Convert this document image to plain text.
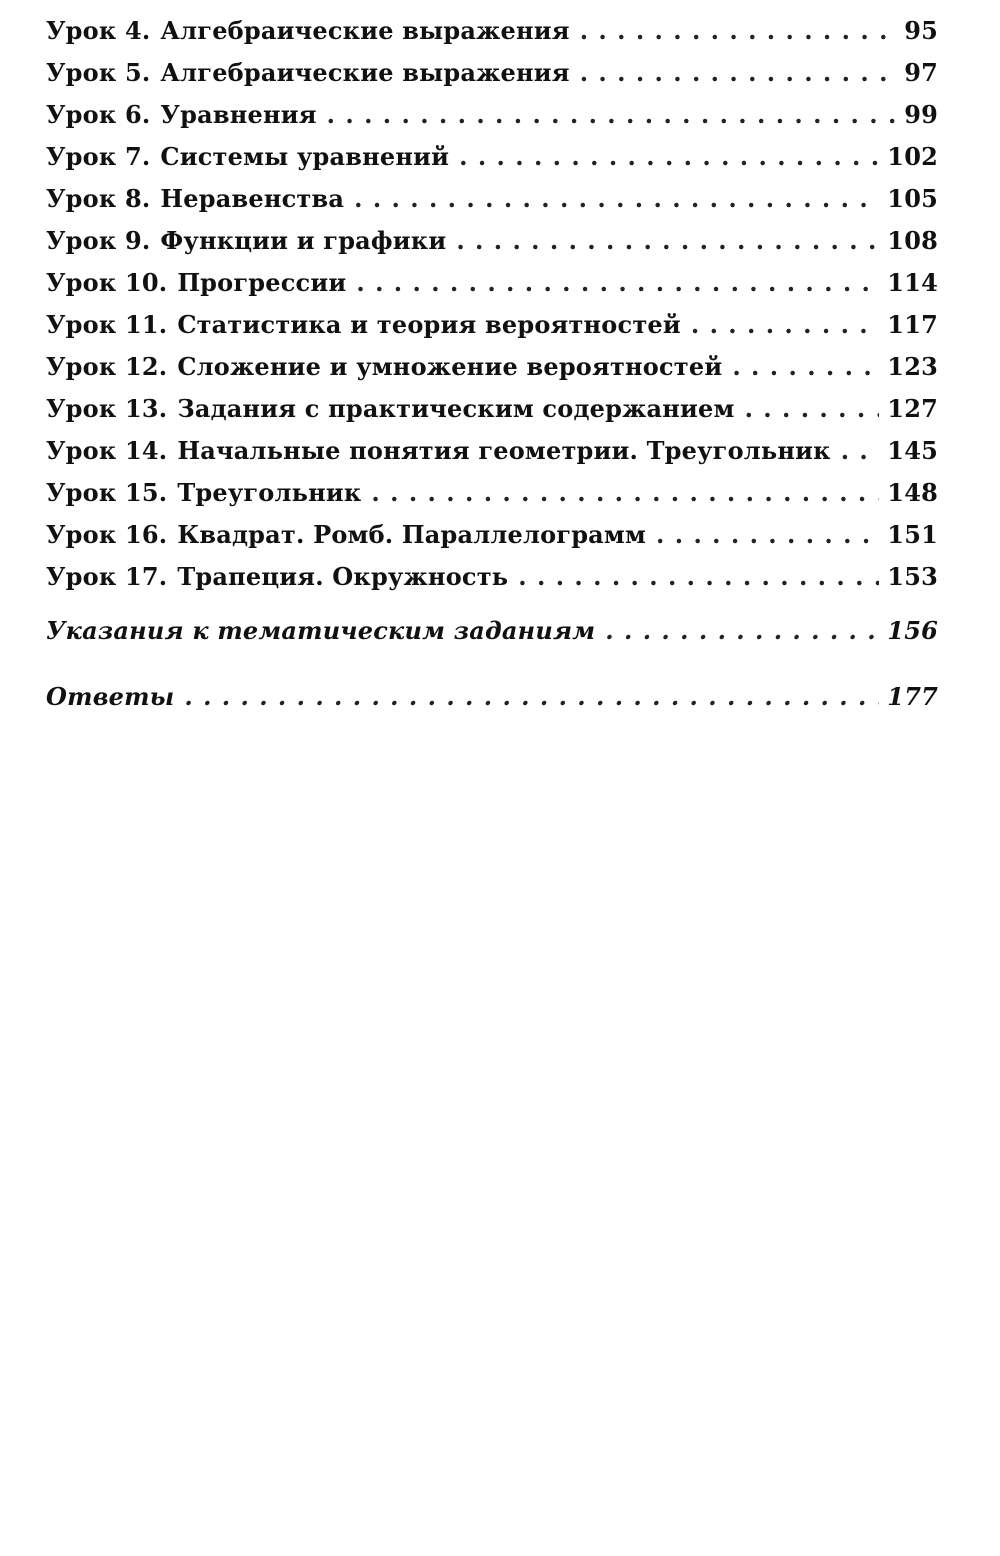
Урок 4. Алгебраические выражения . . .	95
Урок 5. Алгебраические выражения . . .	97
Урок 6. Уравнения . . .	99
Урок 7. Системы уравнений . . .	102
Урок 8. Неравенства . . .	105
Урок 9. Функции и графики . . .	108
Урок 10. Прогрессии . . .	114
Урок 11. Статистика и теория вероятностей . . .	117
Урок 12. Сложение и умножение вероятностей . . .	123
Урок 13. Задания с практическим содержанием . . .	127
Урок 14. Начальные понятия геометрии. Треугольник . . . 145
Урок 15. Треугольник . . .	148
Урок 16. Квадрат. Ромб. Параллелограмм . . .	151
Урок 17. Трапеция. Окружность . . .	153
Указания к тематическим заданиям . . .	156
Ответы . . .	177
